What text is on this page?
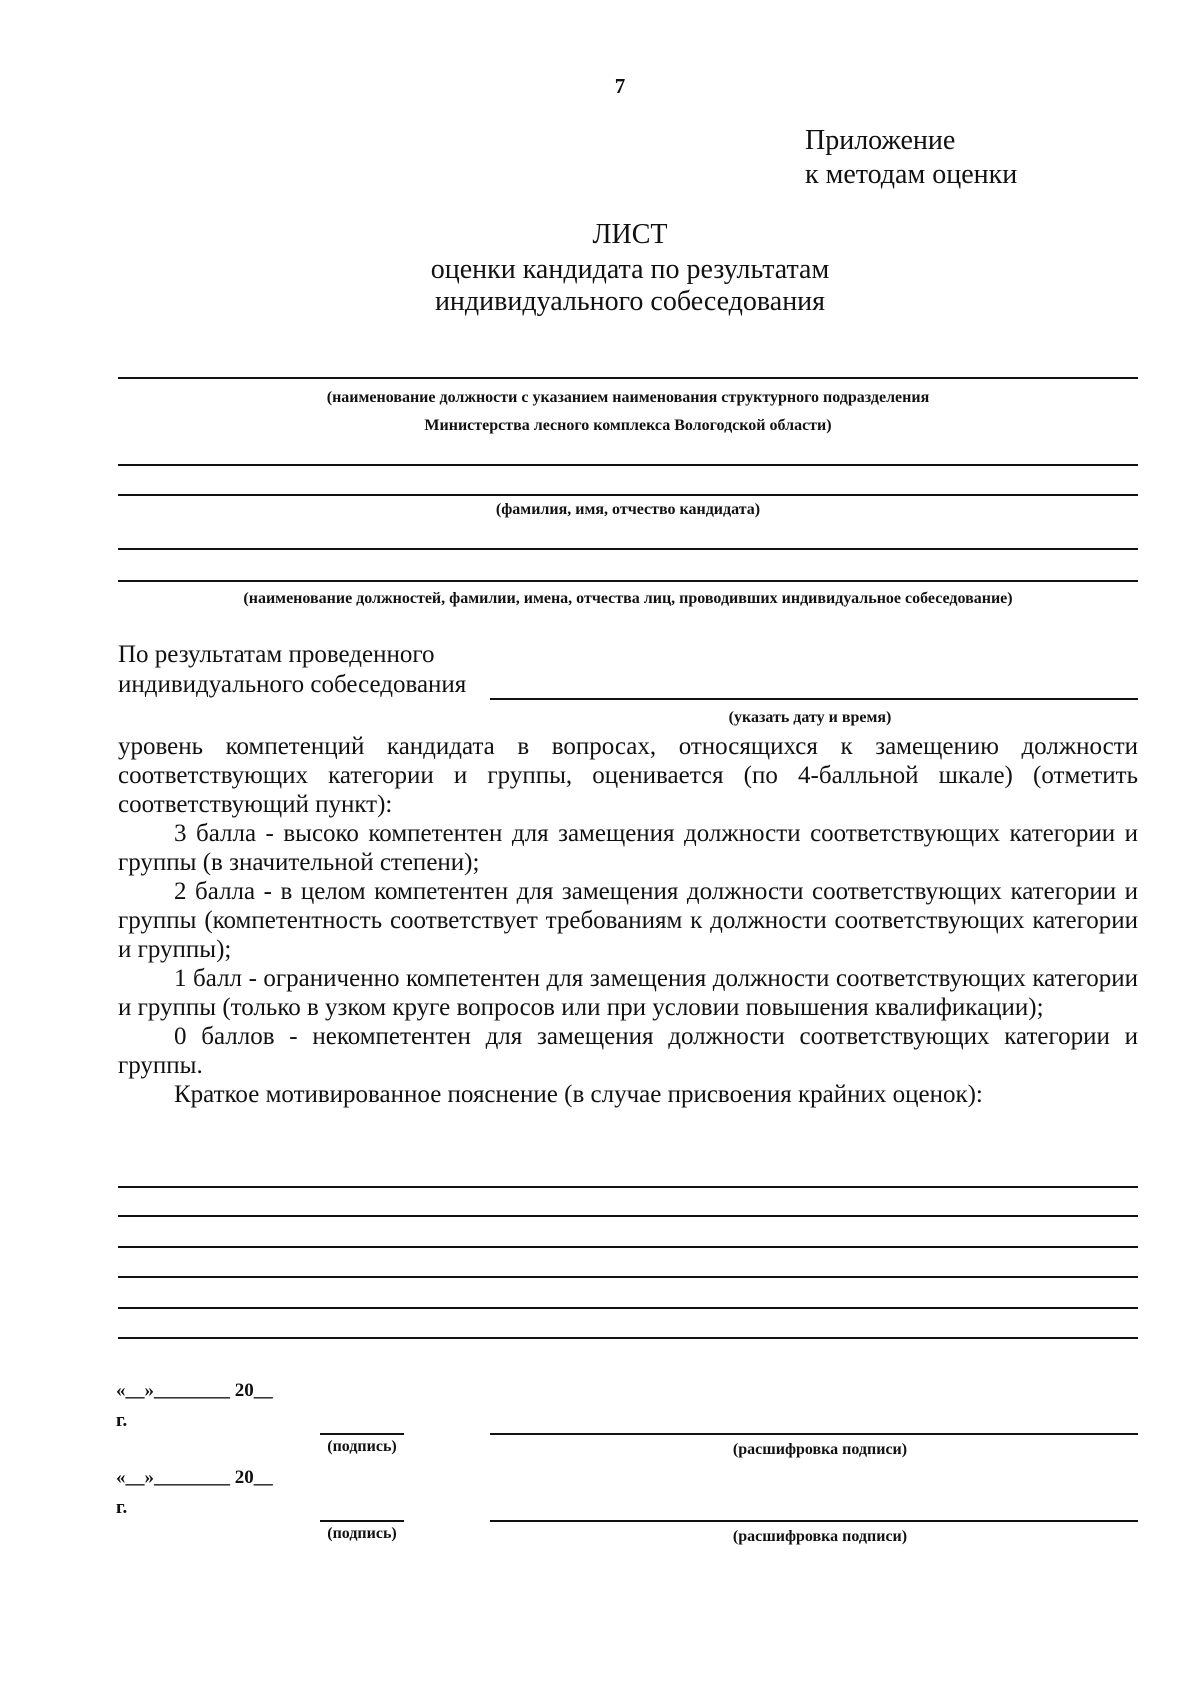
7
Приложение
к методам оценки
ЛИСТ
оценки кандидата по результатам
индивидуального собеседования
(наименование должности с указанием наименования структурного подразделения
Министерства лесного комплекса Вологодской области)
(фамилия, имя, отчество кандидата)
(наименование должностей, фамилии, имена, отчества лиц, проводивших индивидуальное собеседование)
По результатам проведенного
индивидуального собеседования
(указать дату и время)

уровень компетенций кандидата в вопросах, относящихся к замещению должности соответствующих категории и группы, оценивается (по 4-балльной шкале) (отметить соответствующий пункт):

3 балла - высоко компетентен для замещения должности соответствующих категории и группы (в значительной степени);

2 балла - в целом компетентен для замещения должности соответствующих категории и группы (компетентность соответствует требованиям к должности соответствующих категории и группы);

1 балл - ограниченно компетентен для замещения должности соответствующих категории и группы (только в узком круге вопросов или при условии повышения квалификации);

0 баллов - некомпетентен для замещения должности соответствующих категории и группы.

Краткое мотивированное пояснение (в случае присвоения крайних оценок):

«__»________ 20__
г.
(подпись)	(расшифровка подписи)
«__»________ 20__
г.
(подпись)	(расшифровка подписи)
